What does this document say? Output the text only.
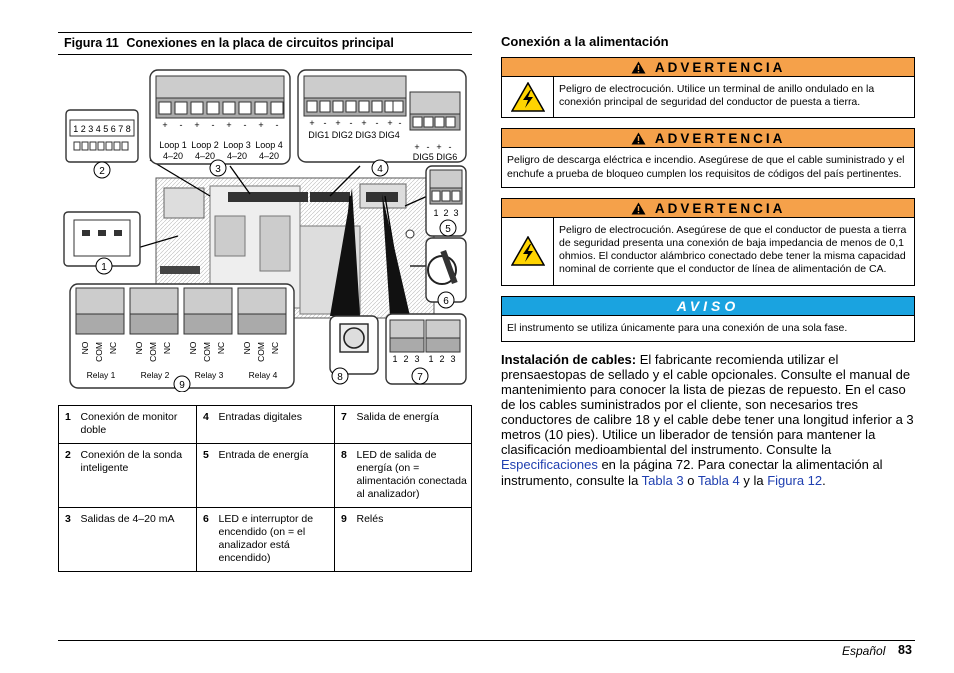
Figura 11 Conexiones en la placa de circuitos principal
1 2 3 4 5 6 7 8	+ - + - + - + -
Loop 1 Loop 2 Loop 3 Loop 4
4–20 4–20 4–20 4–20
+ - + - + - + -
DIG1 DIG2 DIG3 DIG4
+ - + -
DIG5 DIG6
1 2 3
1 2 3 1 2 3
NO COM NC NO COM NC NO COM NC NO COM NC
Relay 1	Relay 2	Relay 3	Relay 4
1
2	3	4
5
6
7
8
9
1	Conexión de monitor doble	4	Entradas digitales	7	Salida de energía
2	Conexión de la sonda inteligente	5	Entrada de energía	8	LED de salida de energía (on = alimentación conectada al analizador)
3	Salidas de 4–20 mA	6	LED e interruptor de encendido (on = el analizador está encendido)	9	Relés
Conexión a la alimentación
ADVERTENCIA
Peligro de electrocución. Utilice un terminal de anillo ondulado en la conexión principal de seguridad del conductor de puesta a tierra.
ADVERTENCIA
Peligro de descarga eléctrica e incendio. Asegúrese de que el cable suministrado y el enchufe a prueba de bloqueo cumplen los requisitos de códigos del país pertinentes.
ADVERTENCIA
Peligro de electrocución. Asegúrese de que el conductor de puesta a tierra de seguridad presenta una conexión de baja impedancia de menos de 0,1 ohmios. El conductor alámbrico conectado debe tener la misma capacidad nominal de corriente que el conductor de línea de alimentación de CA.
AVISO
El instrumento se utiliza únicamente para una conexión de una sola fase.

Instalación de cables: El fabricante recomienda utilizar el prensaestopas de sellado y el cable opcionales. Consulte el manual de mantenimiento para conocer la lista de piezas de repuesto. En el caso de los cables suministrados por el cliente, son necesarios tres conductores de calibre 18 y el cable debe tener una longitud inferior a 3 metros (10 pies). Utilice un liberador de tensión para mantener la clasificación medioambiental del instrumento. Consulte la Especificaciones en la página 72. Para conectar la alimentación al instrumento, consulte la Tabla 3 o Tabla 4 y la Figura 12.

Español 83
